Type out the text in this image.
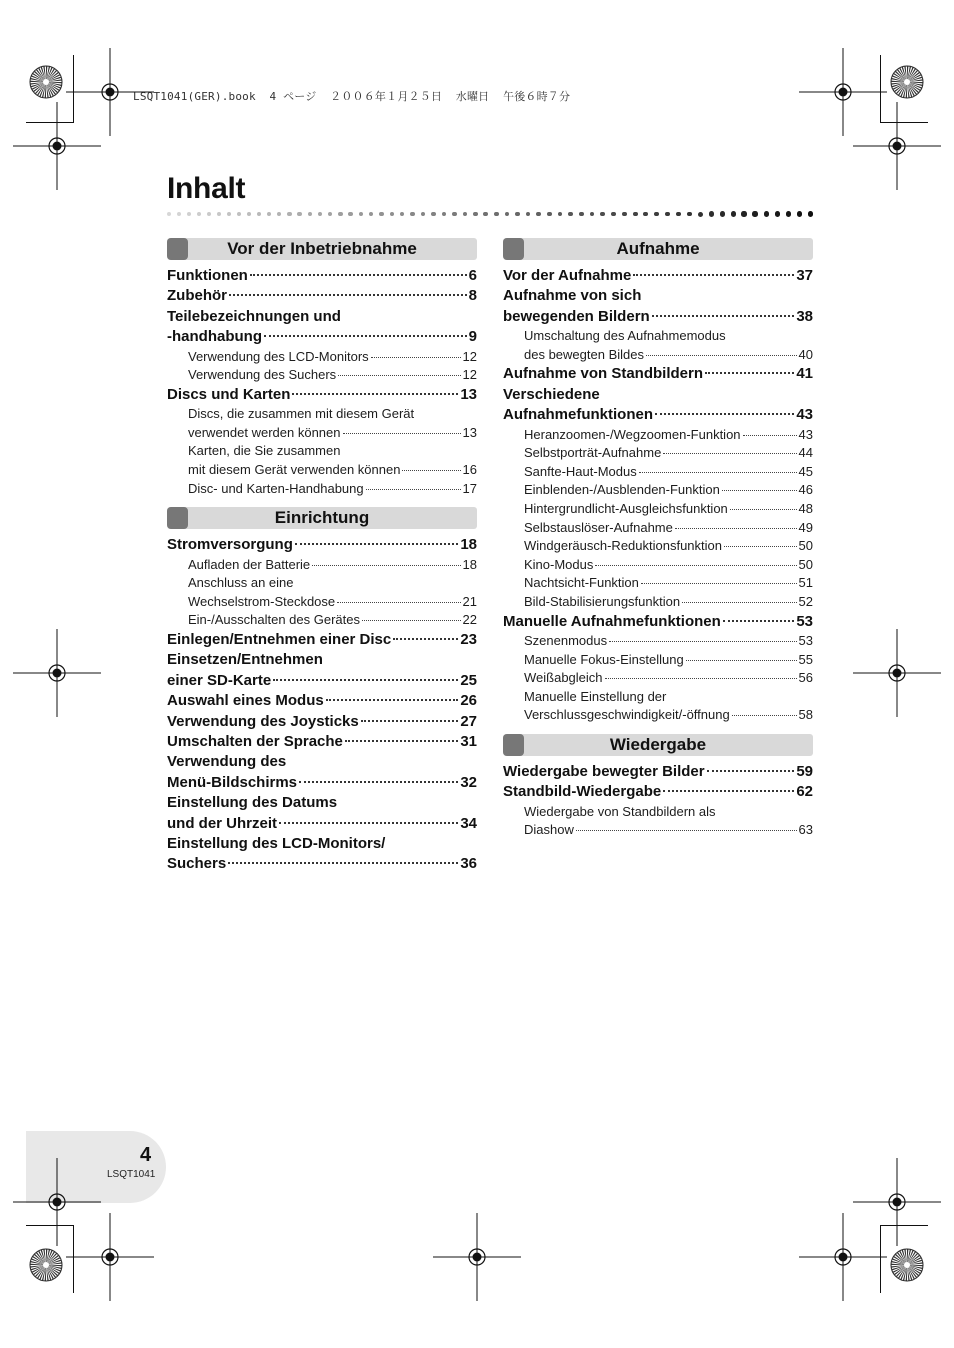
LSQT1041(GER).book  4 ページ  ２００６年１月２５日  水曜日  午後６時７分
Inhalt
Vor der Inbetriebnahme
Funktionen	6
Zubehör	8
Teilebezeichnungen und
-handhabung	9
Verwendung des LCD-Monitors	12
Verwendung des Suchers	12
Discs und Karten	13
Discs, die zusammen mit diesem Gerät
verwendet werden können	13
Karten, die Sie zusammen
mit diesem Gerät verwenden können	16
Disc- und Karten-Handhabung	17
Einrichtung
Stromversorgung	18
Aufladen der Batterie	18
Anschluss an eine
Wechselstrom-Steckdose	21
Ein-/Ausschalten des Gerätes	22
Einlegen/Entnehmen einer Disc	23
Einsetzen/Entnehmen
einer SD-Karte	25
Auswahl eines Modus	26
Verwendung des Joysticks	27
Umschalten der Sprache	31
Verwendung des
Menü-Bildschirms	32
Einstellung des Datums
und der Uhrzeit	34
Einstellung des LCD-Monitors/
Suchers	36
Aufnahme
Vor der Aufnahme	37
Aufnahme von sich
bewegenden Bildern	38
Umschaltung des Aufnahmemodus
des bewegten Bildes	40
Aufnahme von Standbildern	41
Verschiedene
Aufnahmefunktionen	43
Heranzoomen-/Wegzoomen-Funktion	43
Selbstporträt-Aufnahme	44
Sanfte-Haut-Modus	45
Einblenden-/Ausblenden-Funktion	46
Hintergrundlicht-Ausgleichsfunktion	48
Selbstauslöser-Aufnahme	49
Windgeräusch-Reduktionsfunktion	50
Kino-Modus	50
Nachtsicht-Funktion	51
Bild-Stabilisierungsfunktion	52
Manuelle Aufnahmefunktionen	53
Szenenmodus	53
Manuelle Fokus-Einstellung	55
Weißabgleich	56
Manuelle Einstellung der
Verschlussgeschwindigkeit/-öffnung	58
Wiedergabe
Wiedergabe bewegter Bilder	59
Standbild-Wiedergabe	62
Wiedergabe von Standbildern als
Diashow	63
4
LSQT1041
